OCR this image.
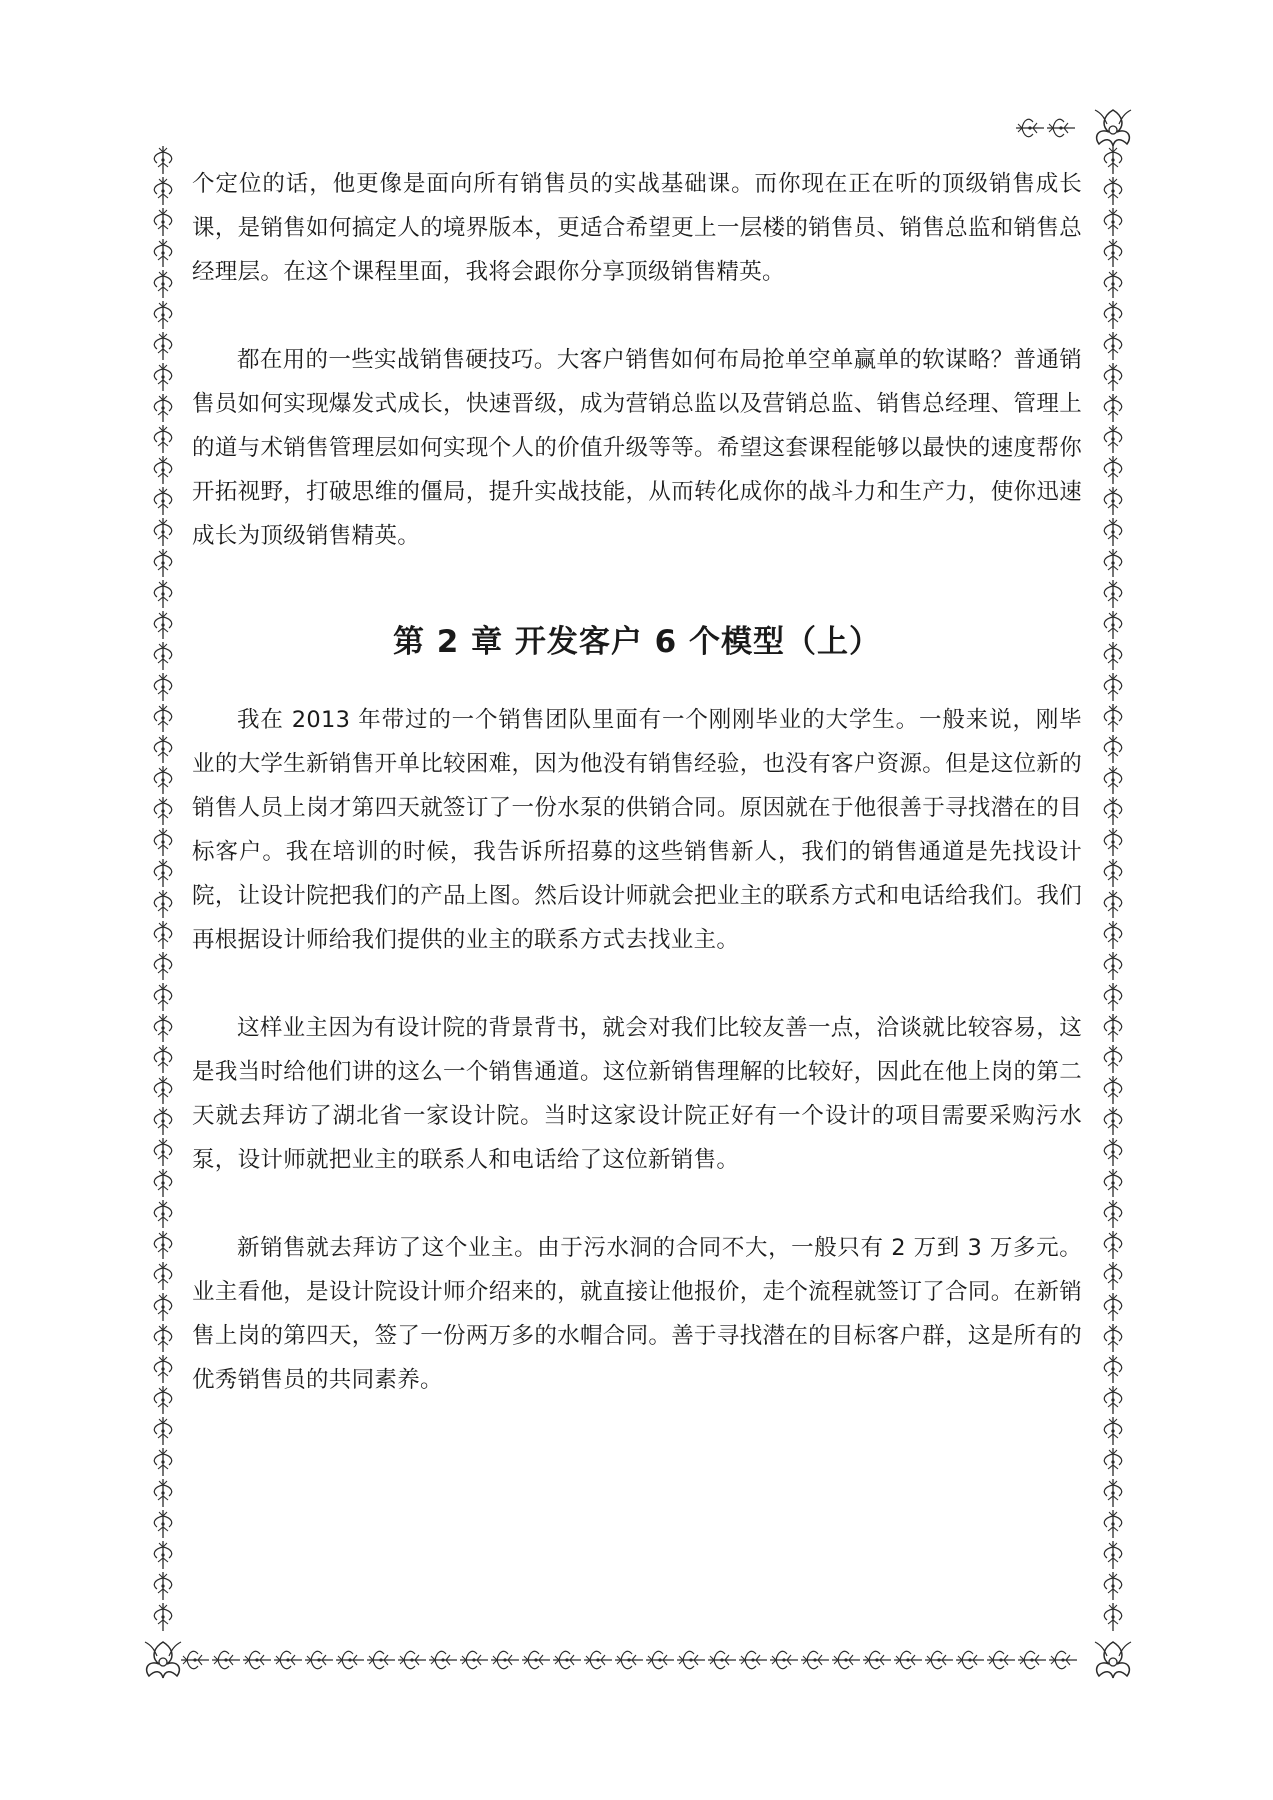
个定位的话，他更像是面向所有销售员的实战基础课。而你现在正在听的顶级销售成长课，是销售如何搞定人的境界版本，更适合希望更上一层楼的销售员、销售总监和销售总经理层。在这个课程里面，我将会跟你分享顶级销售精英。

都在用的一些实战销售硬技巧。大客户销售如何布局抢单空单赢单的软谋略？普通销售员如何实现爆发式成长，快速晋级，成为营销总监以及营销总监、销售总经理、管理上的道与术销售管理层如何实现个人的价值升级等等。希望这套课程能够以最快的速度帮你开拓视野，打破思维的僵局，提升实战技能，从而转化成你的战斗力和生产力，使你迅速成长为顶级销售精英。

第 2 章 开发客户 6 个模型（上）

我在 2013 年带过的一个销售团队里面有一个刚刚毕业的大学生。一般来说，刚毕业的大学生新销售开单比较困难，因为他没有销售经验，也没有客户资源。但是这位新的销售人员上岗才第四天就签订了一份水泵的供销合同。原因就在于他很善于寻找潜在的目标客户。我在培训的时候，我告诉所招募的这些销售新人，我们的销售通道是先找设计院，让设计院把我们的产品上图。然后设计师就会把业主的联系方式和电话给我们。我们再根据设计师给我们提供的业主的联系方式去找业主。

这样业主因为有设计院的背景背书，就会对我们比较友善一点，洽谈就比较容易，这是我当时给他们讲的这么一个销售通道。这位新销售理解的比较好，因此在他上岗的第二天就去拜访了湖北省一家设计院。当时这家设计院正好有一个设计的项目需要采购污水泵，设计师就把业主的联系人和电话给了这位新销售。

新销售就去拜访了这个业主。由于污水洞的合同不大，一般只有 2 万到 3 万多元。业主看他，是设计院设计师介绍来的，就直接让他报价，走个流程就签订了合同。在新销售上岗的第四天，签了一份两万多的水帽合同。善于寻找潜在的目标客户群，这是所有的优秀销售员的共同素养。
